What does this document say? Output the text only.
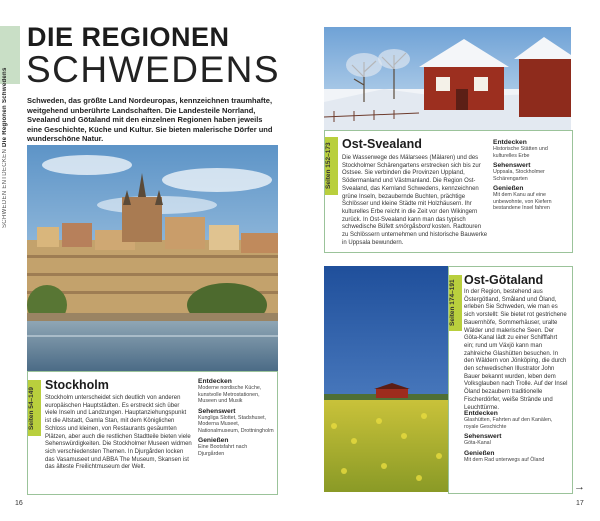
SCHWEDEN ENTDECKEN Die Regionen Schwedens
DIE REGIONEN
SCHWEDENS
Schweden, das größte Land Nordeuropas, kennzeichnen traumhafte, weitgehend unberührte Landschaften. Die Landesteile Norrland, Svealand und Götaland mit den einzelnen Regionen haben jeweils eine Geschichte, Küche und Kultur. Sie bieten malerische Dörfer und wunderschöne Natur.
Seiten 54–149
Stockholm
Stockholm unterscheidet sich deutlich von anderen europäischen Hauptstädten. Es erstreckt sich über viele Inseln und Landzungen. Hauptanziehungspunkt ist die Altstadt, Gamla Stan, mit dem Königlichen Schloss und kleinen, von Restaurants gesäumten Plätzen, aber auch die restlichen Stadtteile bieten viele Sehenswürdigkeiten. Die Stockholmer Museen widmen sich verschiedensten Themen. In Djurgården locken das Vasamuseet und ABBA The Museum, Skansen ist das älteste Freilichtmuseum der Welt.
Entdecken
Moderne nordische Küche, kunstvolle Metrostationen, Museen und Musik
Sehenswert
Kungliga Slottet, Stadshuset, Moderna Museet, Nationalmuseum, Drottningholm
Genießen
Eine Bootsfahrt nach Djurgården
16
Seiten 152–173 Ost-Svealand
Die Wasserwege des Mälarsees (Mälaren) und des Stockholmer Schärengartens erstrecken sich bis zur Ostsee. Sie verbinden die Provinzen Uppland, Södermanland und Västmanland. Die Region Ost-Svealand, das Kernland Schwedens, kennzeichnen grüne Inseln, bezaubernde Buchten, prächtige Schlösser und kleine Städte mit Holzhäusern. Ihr kulturelles Erbe reicht in die Zeit vor den Wikingern zurück. In Ost-Svealand kann man das typisch schwedische Büfett smörgåsbord kosten. Radtouren zu Schlössern unternehmen und historische Bauwerke in Uppsala bewundern.
Entdecken
Historische Stätten und kulturelles Erbe
Sehenswert
Uppsala, Stockholmer Schärengarten
Genießen
Mit dem Kanu auf eine unbewohnte, von Kiefern bestandene Insel fahren
Seiten 174–191 Ost-Götaland
In der Region, bestehend aus Östergötland, Småland und Öland, erleben Sie Schweden, wie man es sich vorstellt: Sie bietet rot gestrichene Bauernhöfe, Sommerhäuser, uralte Wälder und malerische Seen. Der Göta-Kanal lädt zu einer Schifffahrt ein; rund um Växjö kann man zahlreiche Glashütten besuchen. In den Wäldern von Jönköping, die durch den schwedischen Illustrator John Bauer bekannt wurden, leben dem Volksglauben nach Trolle. Auf der Insel Öland bezaubern traditionelle Fischerdörfer, weiße Strände und Leuchttürme.
Entdecken
Glashütten, Fahrten auf den Kanälen, royale Geschichte
Sehenswert
Göta-Kanal
Genießen
Mit dem Rad unterwegs auf Öland
→
17
